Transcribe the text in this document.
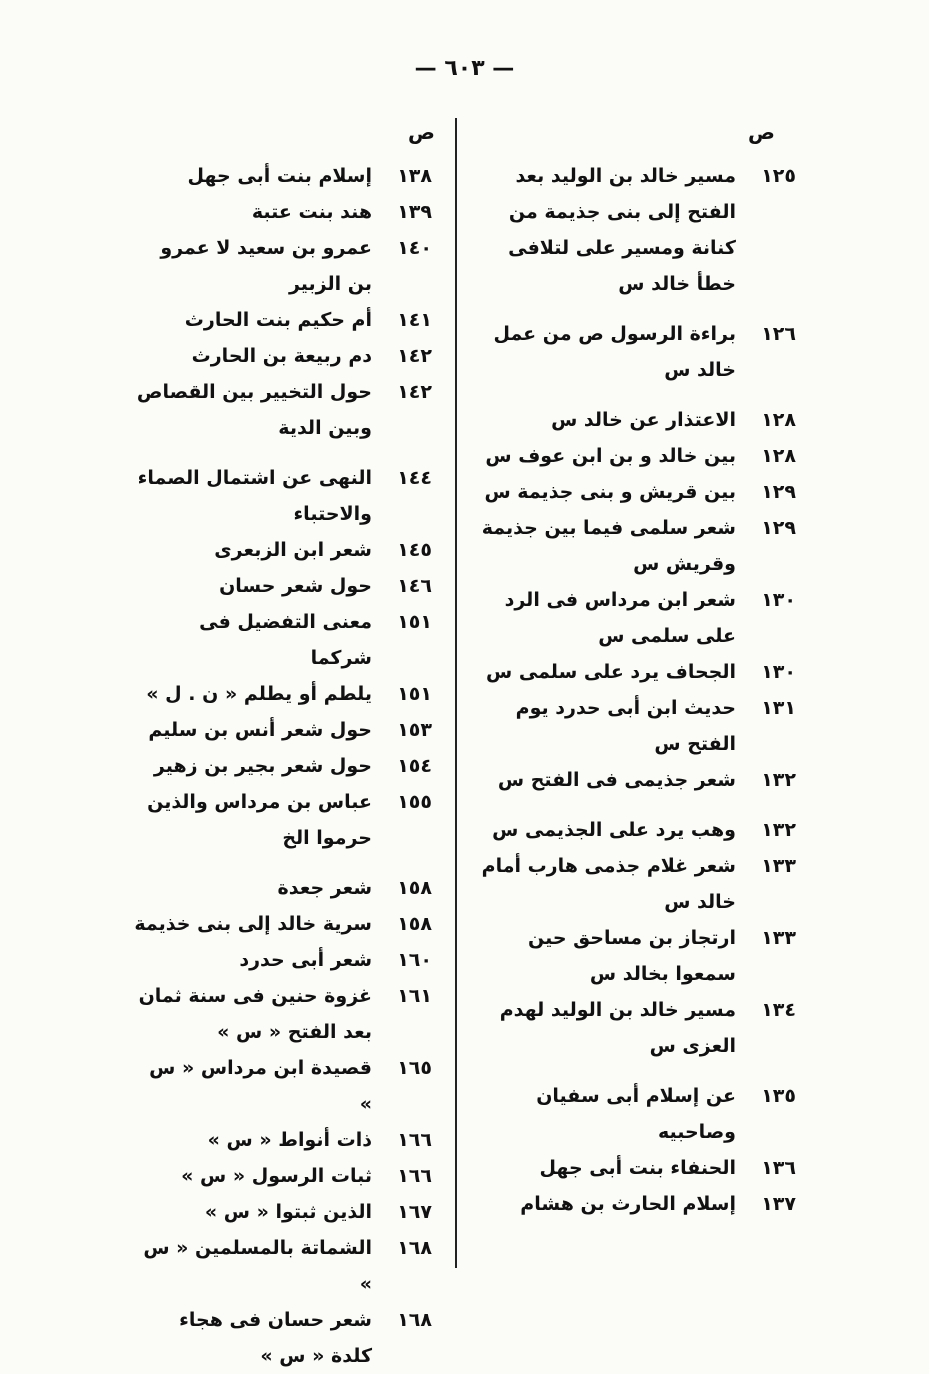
— ٦٠٣ —
ص
ص
١٢٥
مسير خالد بن الوليد بعد الفتح إلى بنى جذيمة من كنانة ومسير على لتلافى خطأ خالد س
١٢٦
براءة الرسول ص من عمل خالد س
١٢٨
الاعتذار عن خالد س
١٢٨
بين خالد و بن ابن عوف س
١٢٩
بين قريش و بنى جذيمة س
١٢٩
شعر سلمى فيما بين جذيمة وقريش س
١٣٠
شعر ابن مرداس فى الرد على سلمى س
١٣٠
الجحاف يرد على سلمى س
١٣١
حديث ابن أبى حدرد يوم الفتح س
١٣٢
شعر جذيمى فى الفتح س
١٣٢
وهب يرد على الجذيمى س
١٣٣
شعر غلام جذمى هارب أمام خالد س
١٣٣
ارتجاز بن مساحق حين سمعوا بخالد س
١٣٤
مسير خالد بن الوليد لهدم العزى س
١٣٥
عن إسلام أبى سفيان وصاحبيه
١٣٦
الحنفاء بنت أبى جهل
١٣٧
إسلام الحارث بن هشام
١٣٨
إسلام بنت أبى جهل
١٣٩
هند بنت عتبة
١٤٠
عمرو بن سعيد لا عمرو بن الزبير
١٤١
أم حكيم بنت الحارث
١٤٢
دم ربيعة بن الحارث
١٤٢
حول التخيير بين القصاص وبين الدية
١٤٤
النهى عن اشتمال الصماء والاحتباء
١٤٥
شعر ابن الزبعرى
١٤٦
حول شعر حسان
١٥١
معنى التفضيل فى شركما
١٥١
يلطم أو يطلم « ن . ل »
١٥٣
حول شعر أنس بن سليم
١٥٤
حول شعر بجير بن زهير
١٥٥
عباس بن مرداس والذين حرموا الخ
١٥٨
شعر جعدة
١٥٨
سرية خالد إلى بنى خذيمة
١٦٠
شعر أبى حدرد
١٦١
غزوة حنين فى سنة ثمان بعد الفتح « س »
١٦٥
قصيدة ابن مرداس « س »
١٦٦
ذات أنواط « س »
١٦٦
ثبات الرسول « س »
١٦٧
الذين ثبتوا « س »
١٦٨
الشماتة بالمسلمين « س »
١٦٨
شعر حسان فى هجاء كلدة « س »
